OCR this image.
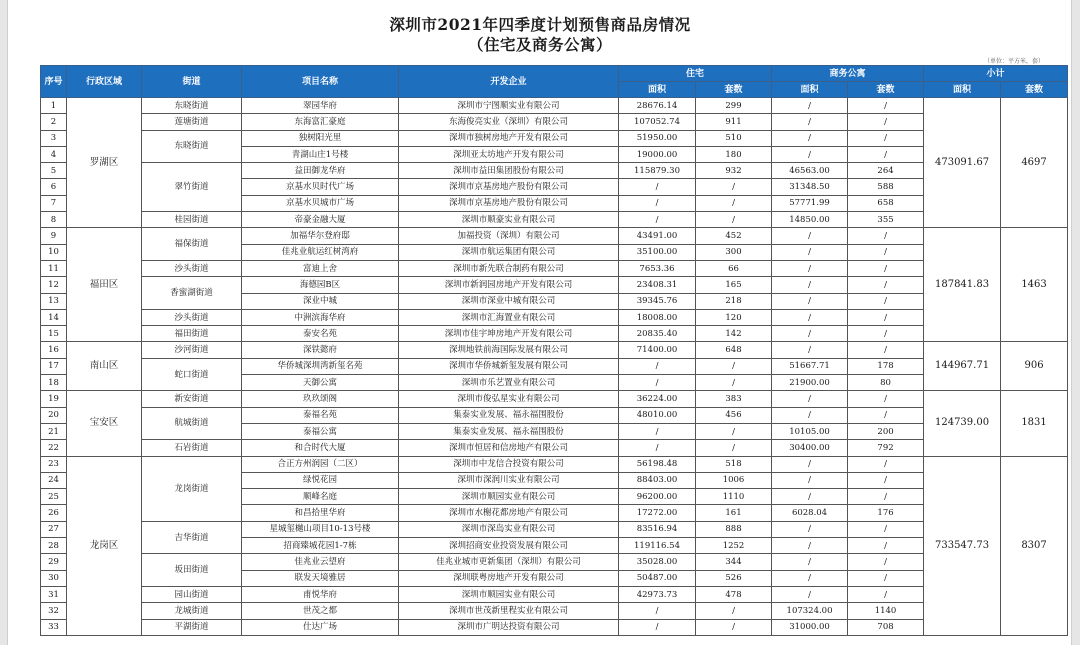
深圳市2021年四季度计划预售商品房情况
（住宅及商务公寓）
（单位：平方米，套）
序号	行政区域	街道	项目名称	开发企业	住宅		商务公寓		小计	
					面积	套数	面积	套数	面积	套数
1	罗湖区	东晓街道	翠园华府	深圳市宁图顺实业有限公司	28676.14	299	/	/	473091.67	4697
2		莲塘街道	东海富汇豪庭	东海俊亮实业（深圳）有限公司	107052.74	911	/	/		
3		东晓街道	独树阳光里	深圳市独树房地产开发有限公司	51950.00	510	/	/		
4			青湖山庄1号楼	深圳亚太坊地产开发有限公司	19000.00	180	/	/		
5		翠竹街道	益田御龙华府	深圳市益田集团股份有限公司	115879.30	932	46563.00	264		
6			京基水贝时代广场	深圳市京基房地产股份有限公司	/	/	31348.50	588		
7			京基水贝城市广场	深圳市京基房地产股份有限公司	/	/	57771.99	658		
8		桂园街道	帝豪金融大厦	深圳市顺豪实业有限公司	/	/	14850.00	355		
9	福田区	福保街道	加福华尔登府邸	加福投资（深圳）有限公司	43491.00	452	/	/	187841.83	1463
10			佳兆业航运红树湾府	深圳市航运集团有限公司	35100.00	300	/	/		
11		沙头街道	富迪上舍	深圳市新先联合制药有限公司	7653.36	66	/	/		
12		香蜜湖街道	海德园B区	深圳市新润园房地产开发有限公司	23408.31	165	/	/		
13			深业中城	深圳市深业中城有限公司	39345.76	218	/	/		
14		沙头街道	中洲滨海华府	深圳市汇海置业有限公司	18008.00	120	/	/		
15		福田街道	泰安名苑	深圳市佳宇坤房地产开发有限公司	20835.40	142	/	/		
16	南山区	沙河街道	深铁懿府	深圳地铁前海国际发展有限公司	71400.00	648	/	/	144967.71	906
17		蛇口街道	华侨城深圳湾新玺名苑	深圳市华侨城新玺发展有限公司	/	/	51667.71	178		
18			天御公寓	深圳市乐艺置业有限公司	/	/	21900.00	80		
19	宝安区	新安街道	玖玖颂阁	深圳市俊弘星实业有限公司	36224.00	383	/	/	124739.00	1831
20		航城街道	泰福名苑	集泰实业发展、福永福围股份	48010.00	456	/	/		
21			泰福公寓	集泰实业发展、福永福围股份	/	/	10105.00	200		
22		石岩街道	和合时代大厦	深圳市恒居和信房地产有限公司	/	/	30400.00	792		
23	龙岗区	龙岗街道	合正方州润园（二区）	深圳市中龙信合投资有限公司	56198.48	518	/	/	733547.73	8307
24			绿悦花园	深圳市深润川实业有限公司	88403.00	1006	/	/		
25			顺峰名庭	深圳市顺园实业有限公司	96200.00	1110	/	/		
26			和昌拾里华府	深圳市水榭花都房地产有限公司	17272.00	161	6028.04	176		
27		吉华街道	星城玺樾山项目10-13号楼	深圳市深岛实业有限公司	83516.94	888	/	/		
28			招商臻城花园1-7栋	深圳招商安业投资发展有限公司	119116.54	1252	/	/		
29		坂田街道	佳兆业云望府	佳兆业城市更新集团（深圳）有限公司	35028.00	344	/	/		
30			联发天境雅居	深圳联粤房地产开发有限公司	50487.00	526	/	/		
31		园山街道	甫悦华府	深圳市顺园实业有限公司	42973.73	478	/	/		
32		龙城街道	世茂之都	深圳市世茂新里程实业有限公司	/	/	107324.00	1140		
33		平湖街道	仕达广场	深圳市广明达投资有限公司	/	/	31000.00	708		
